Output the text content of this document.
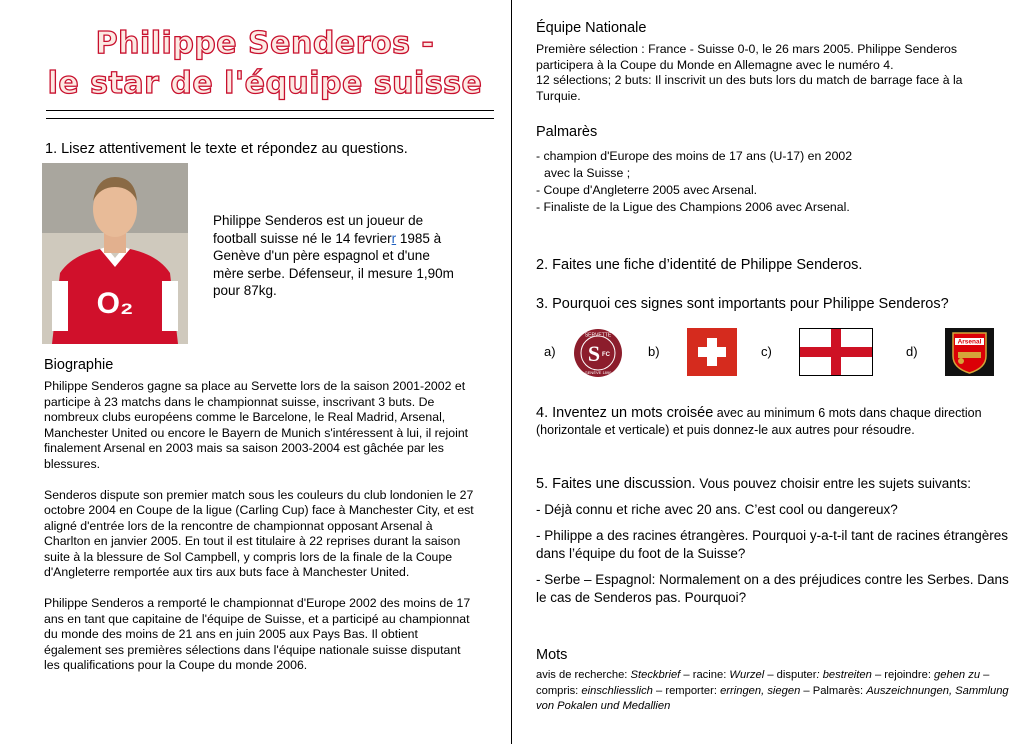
Philippe Senderos -
le star de l'équipe suisse
1. Lisez attentivement le texte et répondez au questions.
O₂
Philippe Senderos est un joueur de football suisse né le 14 fevrierr 1985 à Genève d'un père espagnol et d'une mère serbe. Défenseur, il mesure 1,90m pour 87kg.
Biographie

Philippe Senderos gagne sa place au Servette lors de la saison 2001-2002 et participe à 23 matchs dans le championnat suisse, inscrivant 3 buts. De nombreux clubs européens comme le Barcelone, le Real Madrid, Arsenal, Manchester United ou encore le Bayern de Munich s'intéressent à lui, il rejoint finalement Arsenal en 2003 mais sa saison 2003-2004 est gâchée par les blessures.

Senderos dispute son premier match sous les couleurs du club londonien le 27 octobre 2004 en Coupe de la ligue (Carling Cup) face à Manchester City, et est aligné d'entrée lors de la rencontre de championnat opposant Arsenal à Charlton en janvier 2005. En tout il est titulaire à 22 reprises durant la saison suite à la blessure de Sol Campbell, y compris lors de la finale de la Coupe d'Angleterre remportée aux tirs aux buts face à Manchester United.

Philippe Senderos a remporté le championnat d'Europe 2002 des moins de 17 ans en tant que capitaine de l'équipe de Suisse, et a participé au championnat du monde des moins de 21 ans en juin 2005 aux Pays Bas. Il obtient également ses premières sélections dans l'équipe nationale suisse disputant les qualifications pour la Coupe du monde 2006.

Équipe Nationale
Première sélection : France - Suisse 0-0, le 26 mars 2005. Philippe Senderos participera à la Coupe du Monde en Allemagne avec le numéro 4.
12 sélections; 2 buts: Il inscrivit un des buts lors du match de barrage face à la Turquie.
Palmarès
- champion d'Europe des moins de 17 ans (U-17) en 2002
avec la Suisse ;
- Coupe d'Angleterre 2005 avec Arsenal.
- Finaliste de la Ligue des Champions 2006 avec Arsenal.
2. Faites une fiche d’identité de Philippe Senderos.
3. Pourquoi ces signes sont importants pour Philippe Senderos?
a)
SERVETTE
S FC
GENÈVE 1890
b)	c)	d)
Arsenal
4. Inventez un mots croisée avec au minimum 6 mots dans chaque direction (horizontale et verticale) et puis donnez-le aux autres pour résoudre.
5. Faites une discussion. Vous pouvez choisir entre les sujets suivants:
- Déjà connu et riche avec 20 ans. C’est cool ou dangereux?
- Philippe a des racines étrangères. Pourquoi y-a-t-il tant de racines étrangères dans l’équipe du foot de la Suisse?
- Serbe – Espagnol: Normalement on a des préjudices contre les Serbes. Dans le cas de Senderos pas. Pourquoi?
Mots
avis de recherche: Steckbrief – racine: Wurzel – disputer: bestreiten – rejoindre: gehen zu – compris: einschliesslich – remporter: erringen, siegen – Palmarès: Auszeichnungen, Sammlung von Pokalen und Medallien
